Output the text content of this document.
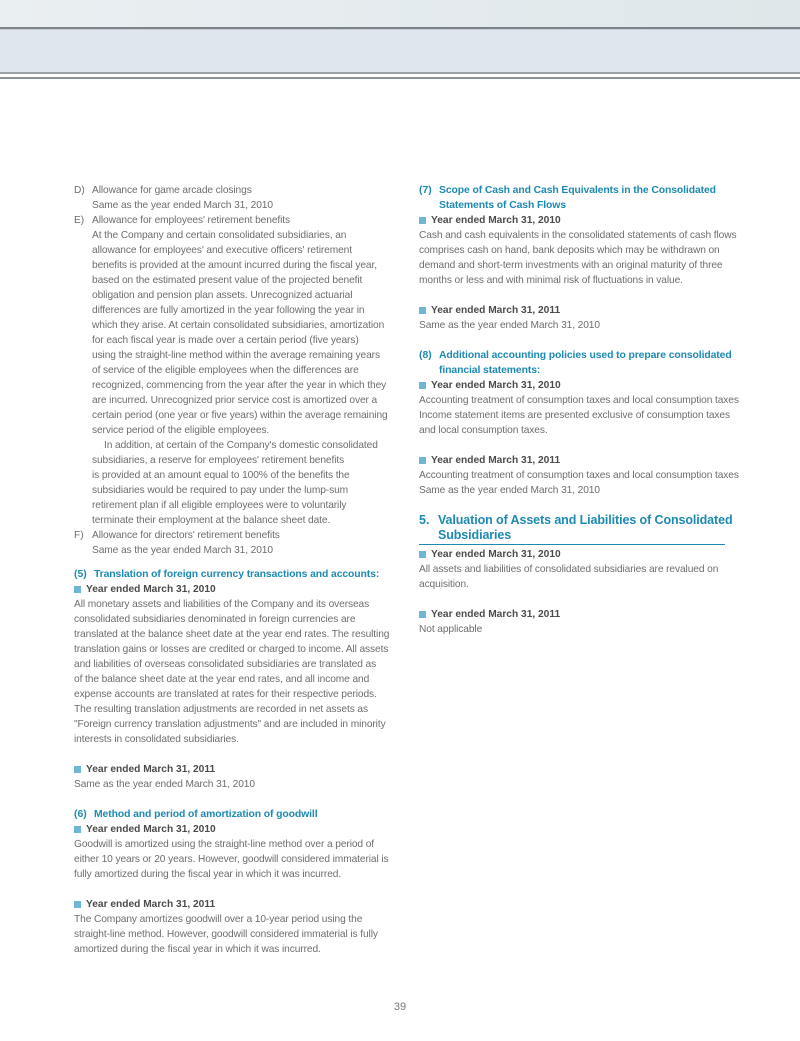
D) Allowance for game arcade closings
Same as the year ended March 31, 2010
E) Allowance for employees' retirement benefits
At the Company and certain consolidated subsidiaries, an
allowance for employees' and executive officers' retirement
benefits is provided at the amount incurred during the fiscal year,
based on the estimated present value of the projected benefit
obligation and pension plan assets. Unrecognized actuarial
differences are fully amortized in the year following the year in
which they arise. At certain consolidated subsidiaries, amortization
for each fiscal year is made over a certain period (five years)
using the straight-line method within the average remaining years
of service of the eligible employees when the differences are
recognized, commencing from the year after the year in which they
are incurred. Unrecognized prior service cost is amortized over a
certain period (one year or five years) within the average remaining
service period of the eligible employees.
In addition, at certain of the Company's domestic consolidated
subsidiaries, a reserve for employees' retirement benefits
is provided at an amount equal to 100% of the benefits the
subsidiaries would be required to pay under the lump-sum
retirement plan if all eligible employees were to voluntarily
terminate their employment at the balance sheet date.
F) Allowance for directors' retirement benefits
Same as the year ended March 31, 2010
(5) Translation of foreign currency transactions and accounts:
Year ended March 31, 2010
All monetary assets and liabilities of the Company and its overseas
consolidated subsidiaries denominated in foreign currencies are
translated at the balance sheet date at the year end rates. The resulting
translation gains or losses are credited or charged to income. All assets
and liabilities of overseas consolidated subsidiaries are translated as
of the balance sheet date at the year end rates, and all income and
expense accounts are translated at rates for their respective periods.
The resulting translation adjustments are recorded in net assets as
"Foreign currency translation adjustments" and are included in minority
interests in consolidated subsidiaries.
Year ended March 31, 2011
Same as the year ended March 31, 2010
(6) Method and period of amortization of goodwill
Year ended March 31, 2010
Goodwill is amortized using the straight-line method over a period of
either 10 years or 20 years. However, goodwill considered immaterial is
fully amortized during the fiscal year in which it was incurred.
Year ended March 31, 2011
The Company amortizes goodwill over a 10-year period using the
straight-line method. However, goodwill considered immaterial is fully
amortized during the fiscal year in which it was incurred.
(7) Scope of Cash and Cash Equivalents in the Consolidated
Statements of Cash Flows
Year ended March 31, 2010
Cash and cash equivalents in the consolidated statements of cash flows
comprises cash on hand, bank deposits which may be withdrawn on
demand and short-term investments with an original maturity of three
months or less and with minimal risk of fluctuations in value.
Year ended March 31, 2011
Same as the year ended March 31, 2010
(8) Additional accounting policies used to prepare consolidated
financial statements:
Year ended March 31, 2010
Accounting treatment of consumption taxes and local consumption taxes
Income statement items are presented exclusive of consumption taxes
and local consumption taxes.
Year ended March 31, 2011
Accounting treatment of consumption taxes and local consumption taxes
Same as the year ended March 31, 2010
5. Valuation of Assets and Liabilities of Consolidated
Subsidiaries
Year ended March 31, 2010
All assets and liabilities of consolidated subsidiaries are revalued on
acquisition.
Year ended March 31, 2011
Not applicable
39
